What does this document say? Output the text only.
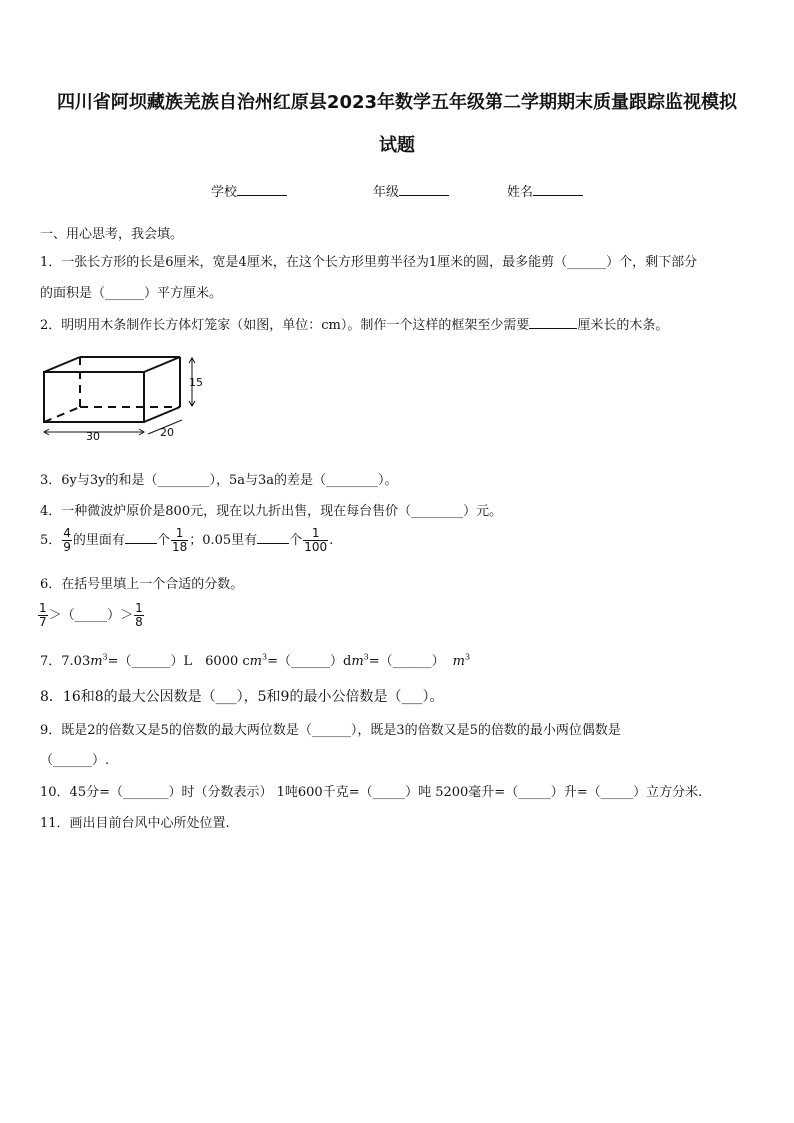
四川省阿坝藏族羌族自治州红原县2023年数学五年级第二学期期末质量跟踪监视模拟
试题
学校	年级	姓名
一、用心思考，我会填。
1．一张长方形的长是6厘米，宽是4厘米，在这个长方形里剪半径为1厘米的圆，最多能剪（______）个，剩下部分
的面积是（______）平方厘米。
2．明明用木条制作长方体灯笼家（如图，单位：cm）。制作一个这样的框架至少需要	厘米长的木条。
30	20
15
3．6y与3y的和是（________），5a与3a的差是（________）。
4．一种微波炉原价是800元，现在以九折出售，现在每台售价（________）元。
5． $\frac{4}{9}$ 的里面有 个 $\frac{1}{18}$ ；0.05里有 个 $\frac{1}{100}$ .
6．在括号里填上一个合适的分数。
$\frac{1}{7}$ ＞（_____）＞ $\frac{1}{8}$
7．$7.03m^3=(\_\_\_\_\_\_)L$　6000 $cm^3=(\_\_\_\_\_\_)dm^3=(\_\_\_\_\_\_)$ $m^3$
8．16和8的最大公因数是（___），5和9的最小公倍数是（___）。
9．既是2的倍数又是5的倍数的最大两位数是（______），既是3的倍数又是5的倍数的最小两位偶数是
（______）.
10．45分=（_______）时（分数表示） 1吨600千克=（_____）吨 5200毫升=（_____）升=（_____）立方分米.
11．画出目前台风中心所处位置.
